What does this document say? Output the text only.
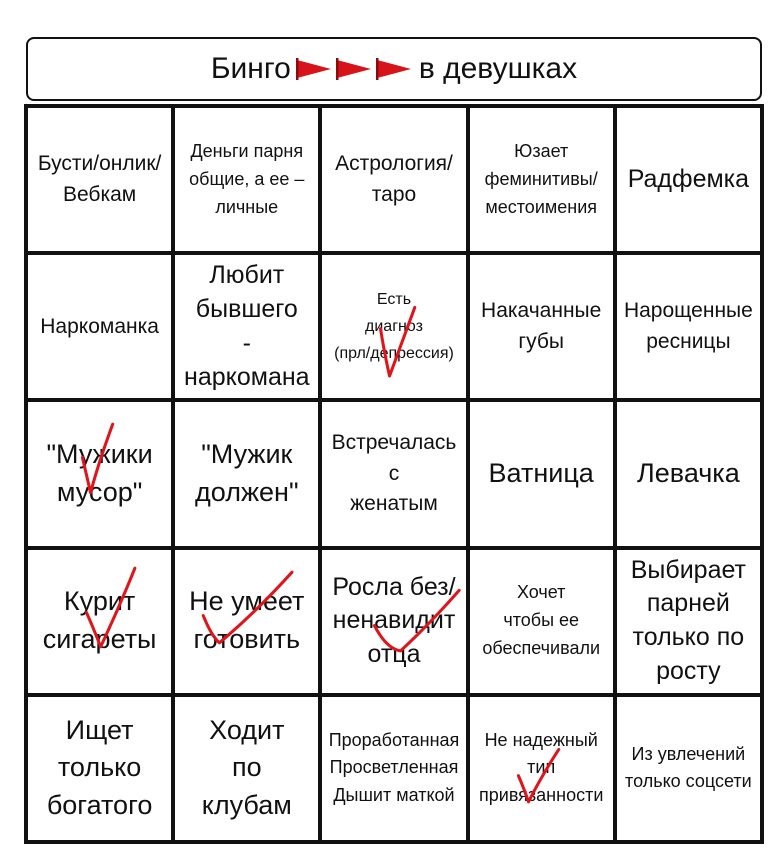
Бинго	в девушках
Бусти/онлик/
Вебкам
Деньги парня
общие, а ее –
личные
Астрология/
таро
Юзает
феминитивы/
местоимения
Радфемка
Наркоманка
Любит
бывшего
-
наркомана
Есть
диагноз
(прл/депрессия)
Накачанные
губы
Нарощенные
ресницы
"Мужики
мусор"
"Мужик
должен"
Встречалась
с
женатым
Ватница Левачка
Курит
сигареты
Не умеет
готовить
Росла без/
ненавидит
отца
Хочет
чтобы ее
обеспечивали
Выбирает
парней
только по
росту
Ищет
только
богатого
Ходит
по
клубам
Проработанная
Просветленная
Дышит маткой
Не надежный
тип
привязанности
Из увлечений
только соцсети
